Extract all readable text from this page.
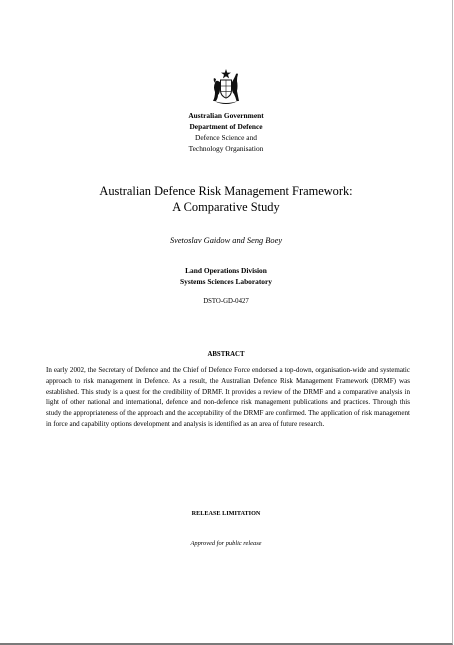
Australian Government
Department of Defence
Defence Science and
Technology Organisation
Australian Defence Risk Management Framework:
A Comparative Study
Svetoslav Gaidow and Seng Boey
Land Operations Division
Systems Sciences Laboratory
DSTO-GD-0427
ABSTRACT
In early 2002, the Secretary of Defence and the Chief of Defence Force endorsed a top-down, organisation-wide and systematic approach to risk management in Defence. As a result, the Australian Defence Risk Management Framework (DRMF) was established. This study is a quest for the credibility of DRMF. It provides a review of the DRMF and a comparative analysis in light of other national and international, defence and non-defence risk management publications and practices. Through this study the appropriateness of the approach and the acceptability of the DRMF are confirmed. The application of risk management in force and capability options development and analysis is identified as an area of future research.
RELEASE LIMITATION
Approved for public release
